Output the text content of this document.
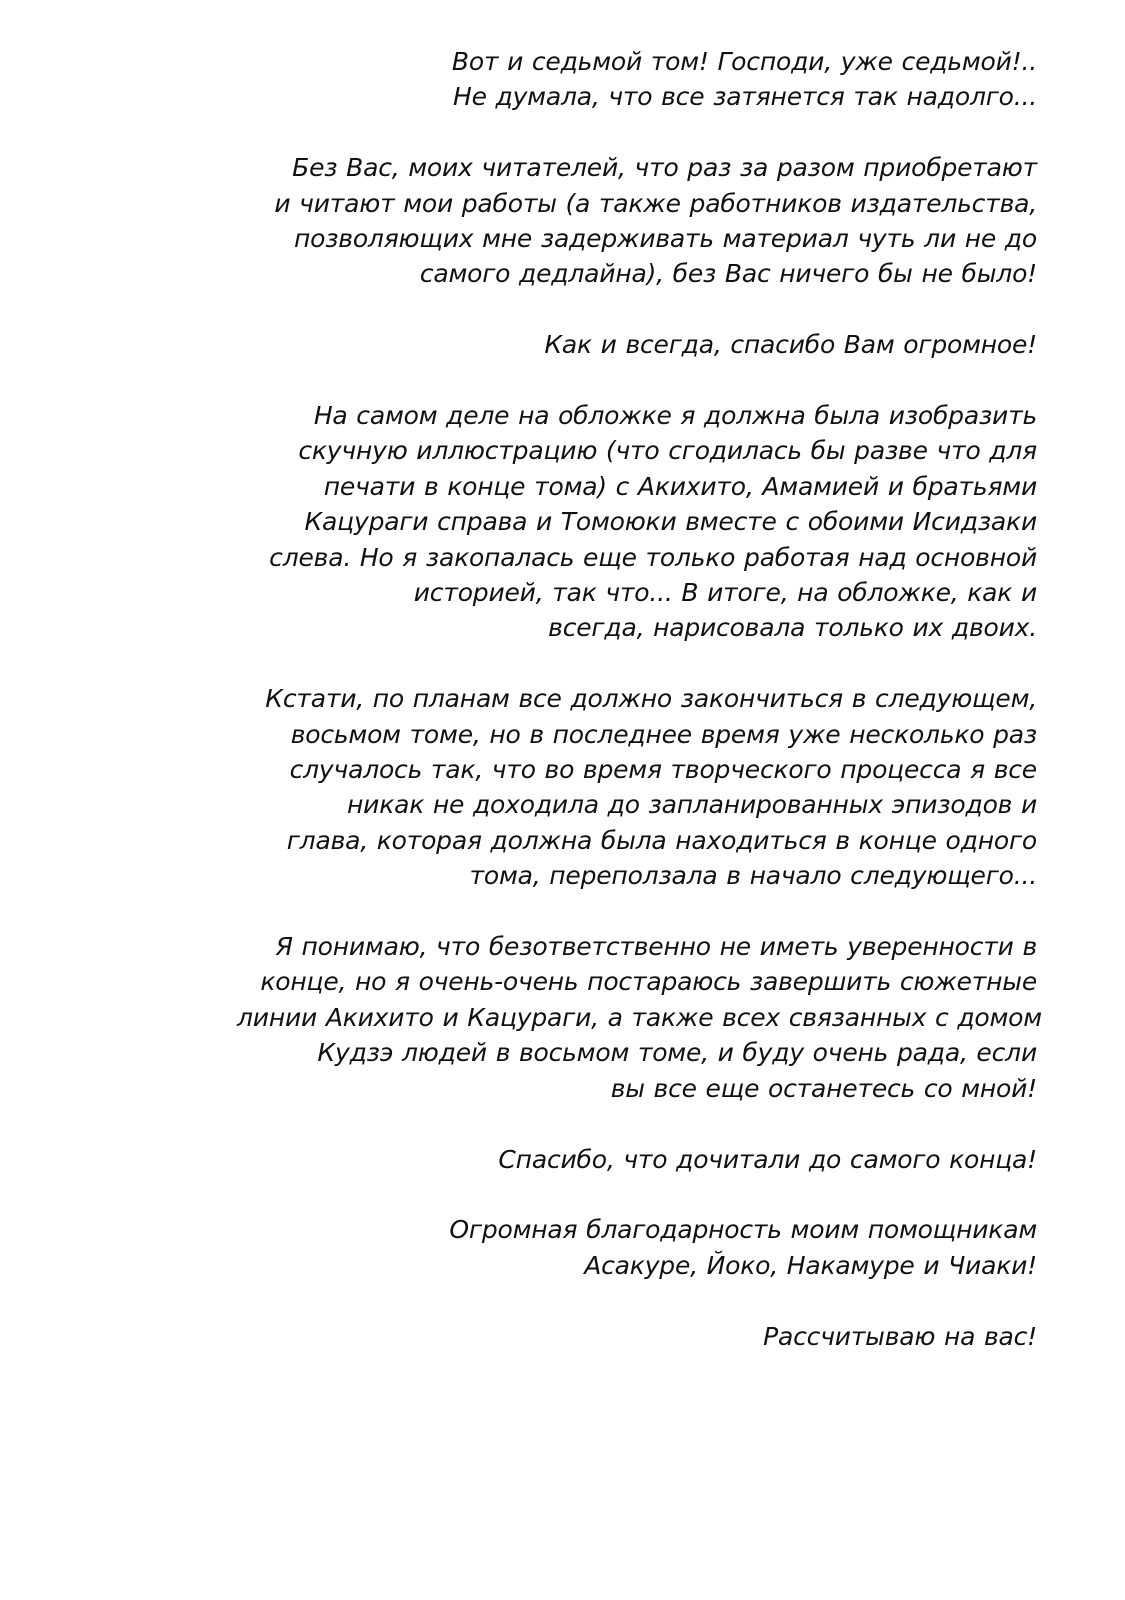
Вот и седьмой том! Господи, уже седьмой!..
Не думала, что все затянется так надолго...

Без Вас, моих читателей, что раз за разом приобретают
и читают мои работы (а также работников издательства,
позволяющих мне задерживать материал чуть ли не до
самого дедлайна), без Вас ничего бы не было!

Как и всегда, спасибо Вам огромное!

На самом деле на обложке я должна была изобразить
скучную иллюстрацию (что сгодилась бы разве что для
печати в конце тома) с Акихито, Амамией и братьями
Кацураги справа и Томоюки вместе с обоими Исидзаки
слева. Но я закопалась еще только работая над основной
историей, так что... В итоге, на обложке, как и
всегда, нарисовала только их двоих.

Кстати, по планам все должно закончиться в следующем,
восьмом томе, но в последнее время уже несколько раз
случалось так, что во время творческого процесса я все
никак не доходила до запланированных эпизодов и
глава, которая должна была находиться в конце одного
тома, переползала в начало следующего...

Я понимаю, что безответственно не иметь уверенности в
конце, но я очень-очень постараюсь завершить сюжетные
линии Акихито и Кацураги, а также всех связанных с домом
Кудзэ людей в восьмом томе, и буду очень рада, если
вы все еще останетесь со мной!

Спасибо, что дочитали до самого конца!

Огромная благодарность моим помощникам
Асакуре, Йоко, Накамуре и Чиаки!

Рассчитываю на вас!
